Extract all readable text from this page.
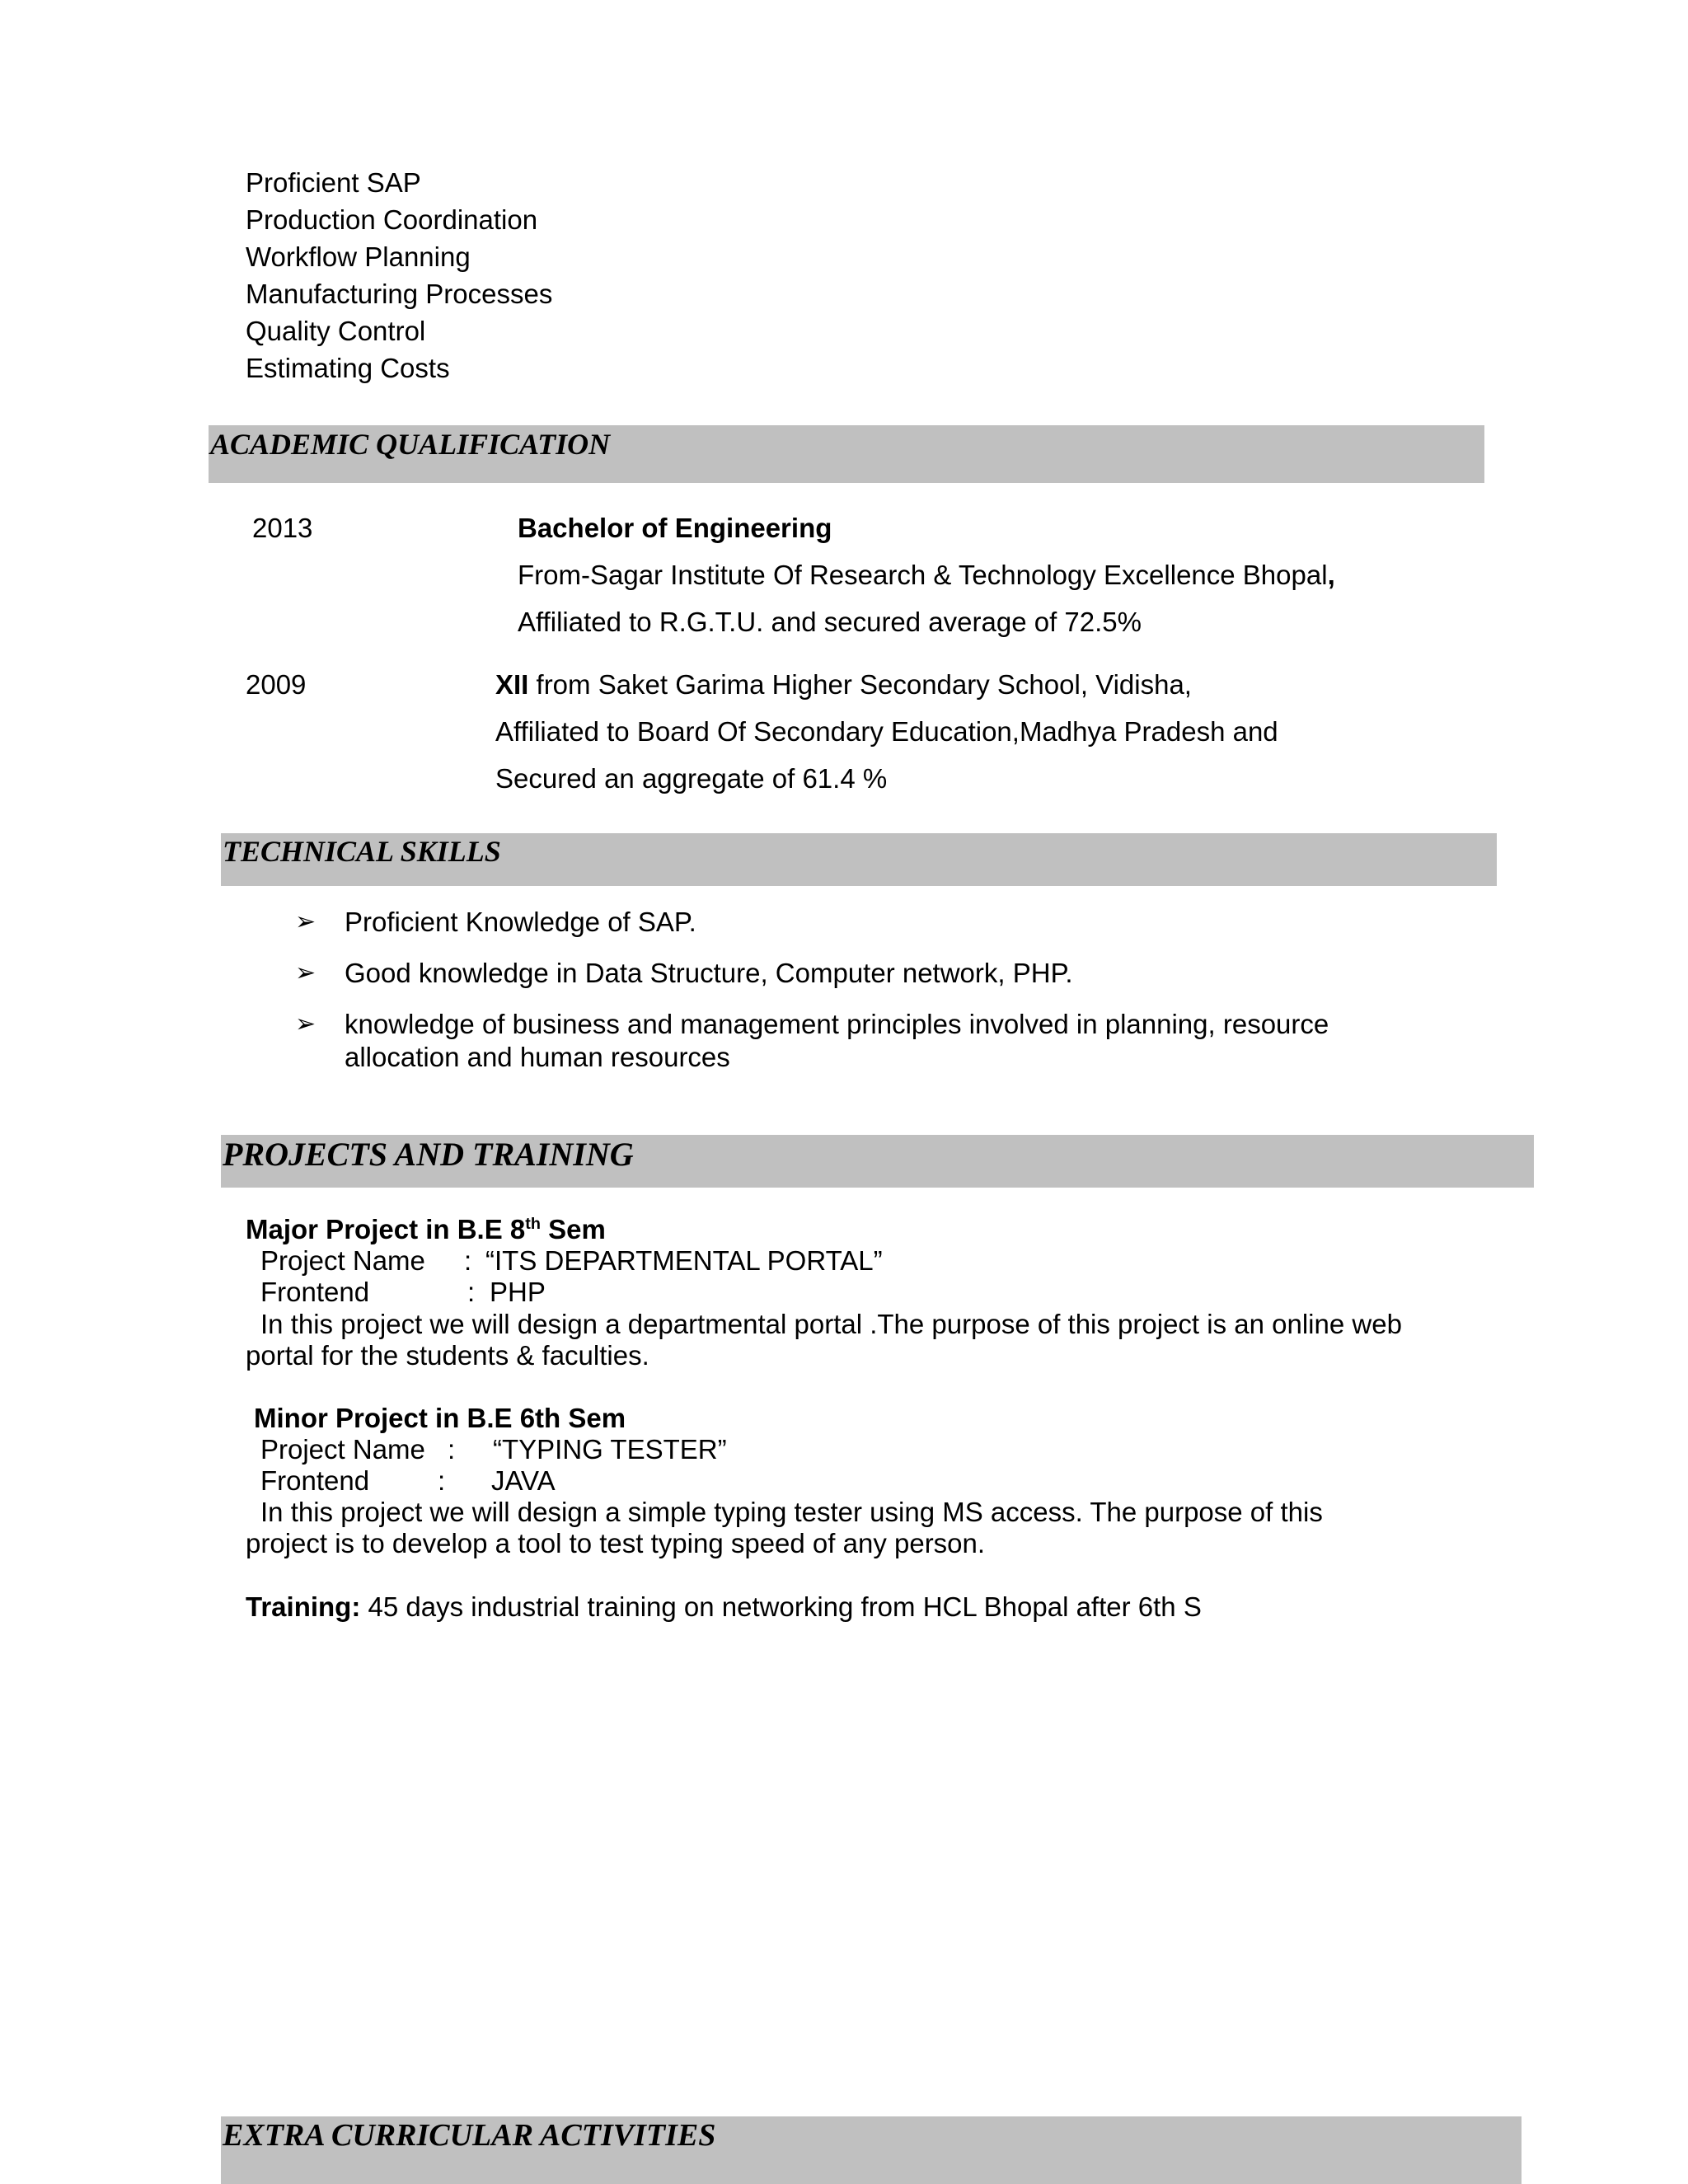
Proficient SAP
Production Coordination
Workflow Planning
Manufacturing Processes
Quality Control
Estimating Costs
ACADEMIC QUALIFICATION
2013	Bachelor of Engineering
From-Sagar Institute Of Research & Technology Excellence Bhopal,
Affiliated to R.G.T.U. and secured average of 72.5%
2009	XII from Saket Garima Higher Secondary School, Vidisha,
Affiliated to Board Of Secondary Education,Madhya Pradesh and
Secured an aggregate of 61.4 %
TECHNICAL SKILLS
➢ Proficient Knowledge of SAP.
➢ Good knowledge in Data Structure, Computer network, PHP.
➢ knowledge of business and management principles involved in planning, resource
allocation and human resources
PROJECTS AND TRAINING
Major Project in B.E 8th Sem
Project Name : “ITS DEPARTMENTAL PORTAL”
Frontend	: PHP
In this project we will design a departmental portal .The purpose of this project is an online web
portal for the students & faculties.
Minor Project in B.E 6th Sem
Project Name : “TYPING TESTER”
Frontend	: JAVA
In this project we will design a simple typing tester using MS access. The purpose of this
project is to develop a tool to test typing speed of any person.
Training: 45 days industrial training on networking from HCL Bhopal after 6th S
EXTRA CURRICULAR ACTIVITIES
